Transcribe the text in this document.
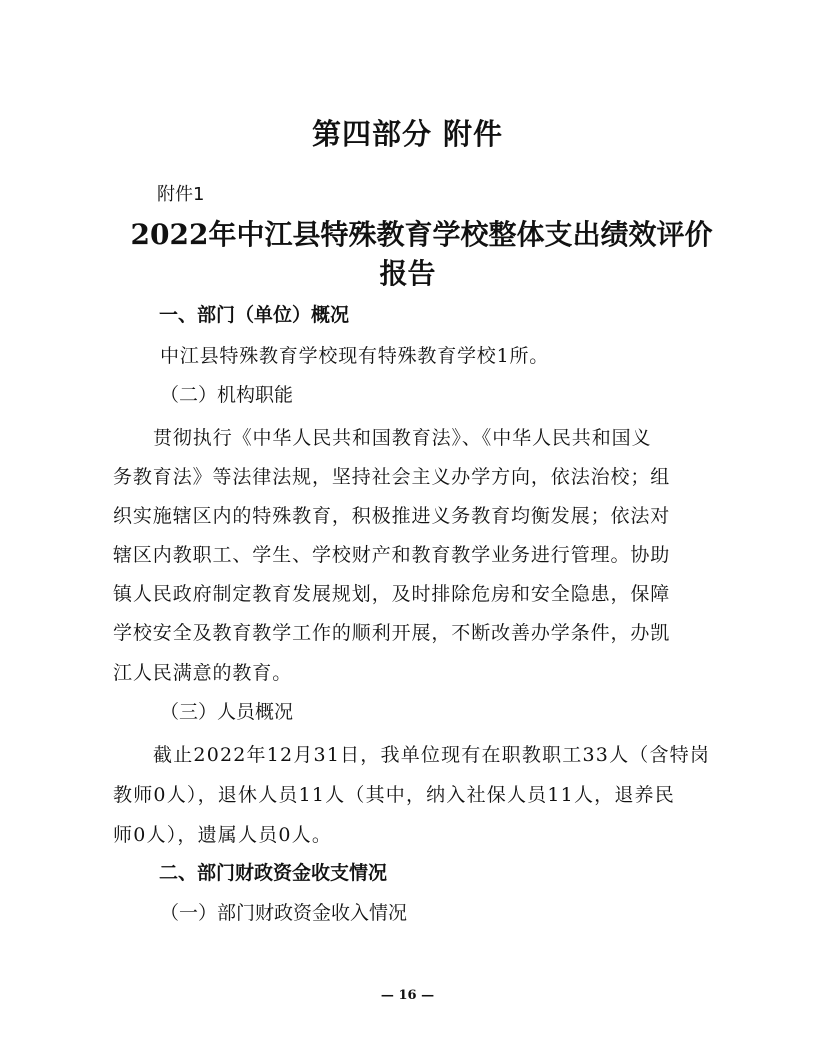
第四部分 附件
附件1
2022年中江县特殊教育学校整体支出绩效评价
报告
一、部门（单位）概况
中江县特殊教育学校现有特殊教育学校1所。
（二）机构职能
贯彻执行《中华人民共和国教育法》、《中华人民共和国义
务教育法》等法律法规，坚持社会主义办学方向，依法治校；组
织实施辖区内的特殊教育，积极推进义务教育均衡发展；依法对
辖区内教职工、学生、学校财产和教育教学业务进行管理。协助
镇人民政府制定教育发展规划，及时排除危房和安全隐患，保障
学校安全及教育教学工作的顺利开展，不断改善办学条件，办凯
江人民满意的教育。
（三）人员概况
截止2022年12月31日，我单位现有在职教职工33人（含特岗
教师0人），退休人员11人（其中，纳入社保人员11人，退养民
师0人），遗属人员0人。
二、部门财政资金收支情况
（一）部门财政资金收入情况
— 16 —
